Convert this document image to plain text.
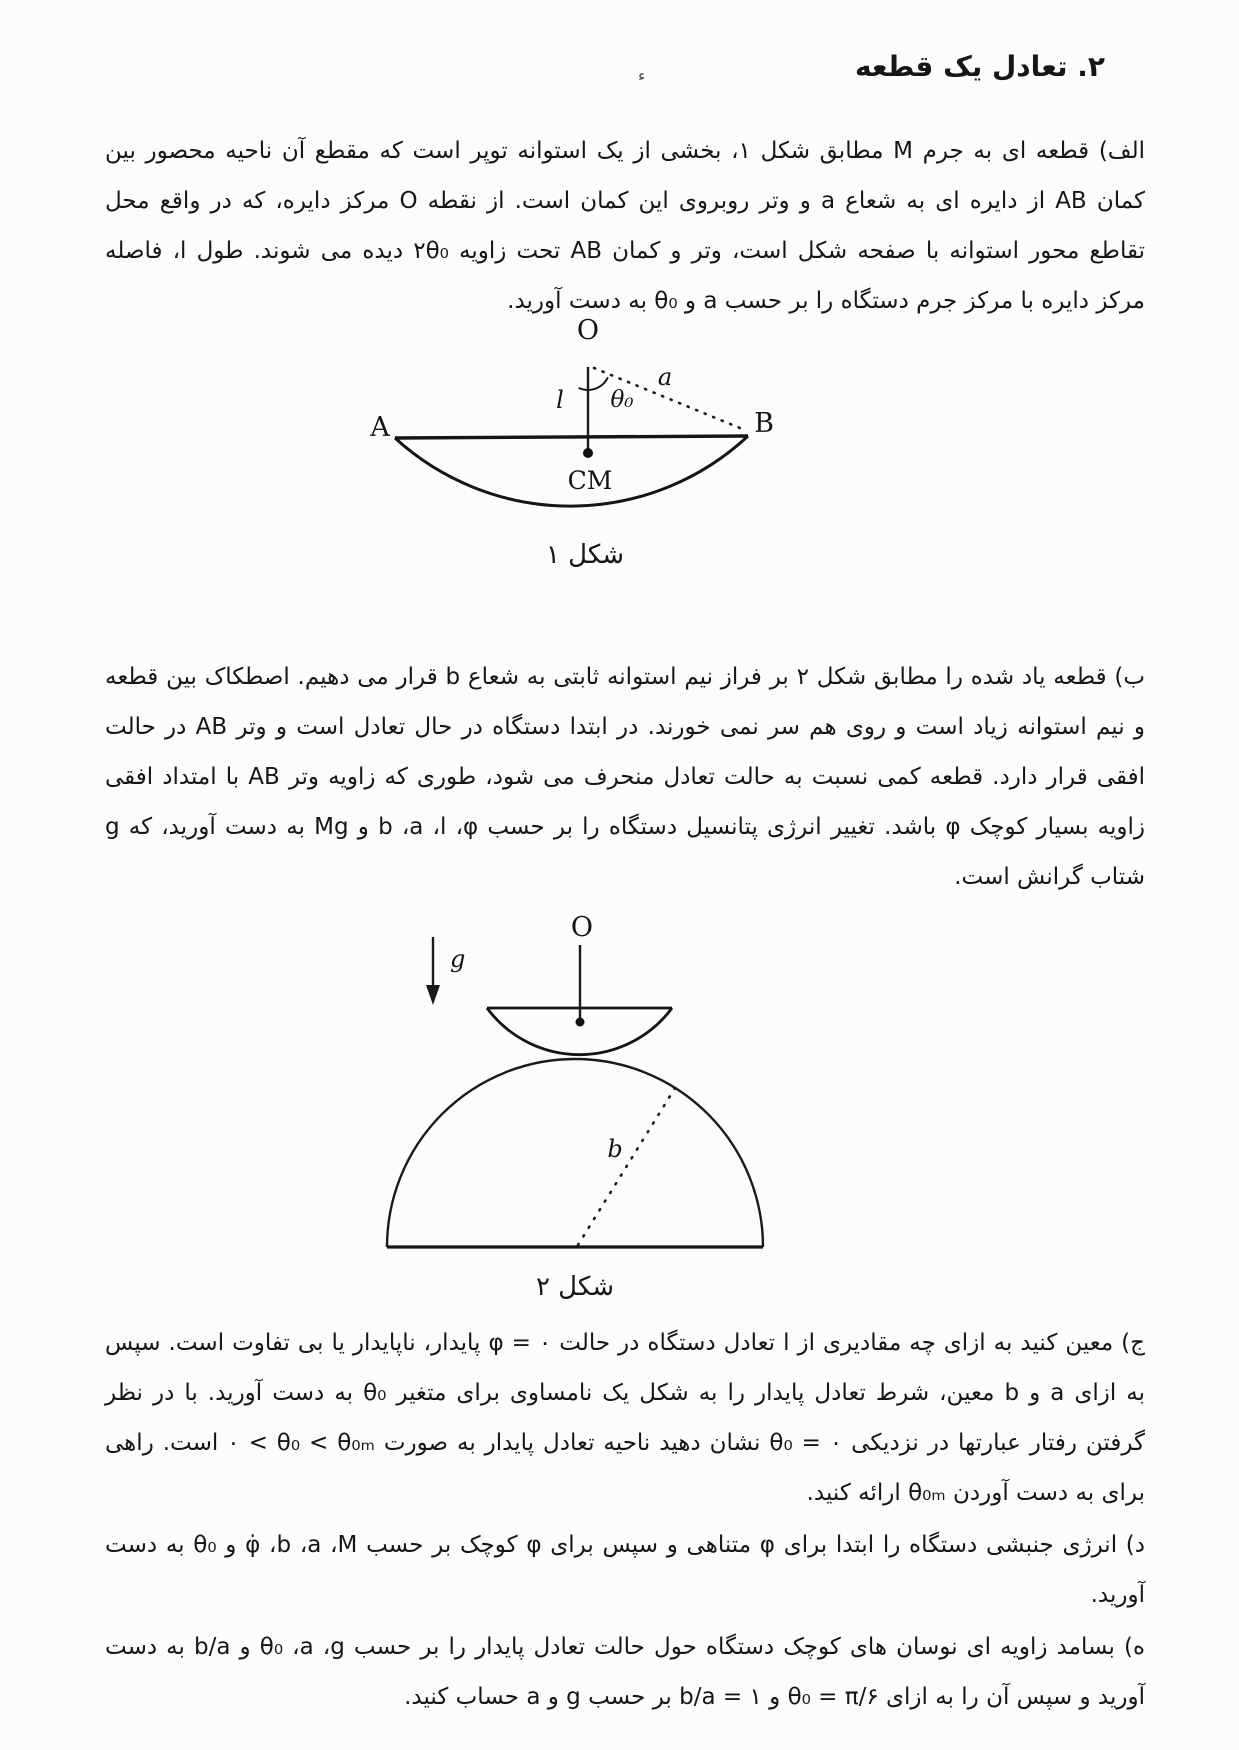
ء	۲. تعادل یک قطعه
الف) قطعه ای به جرم M مطابق شکل ۱، بخشی از یک استوانه توپر است که مقطع آن ناحیه محصور بین کمان AB از دایره ای به شعاع a و وتر روبروی این کمان است. از نقطه O مرکز دایره، که در واقع محل تقاطع محور استوانه با صفحه شکل است، وتر و کمان AB تحت زاویه ⁦۲θ₀⁩ دیده می شوند. طول l، فاصله مرکز دایره با مرکز جرم دستگاه را بر حسب a و θ₀ به دست آورید.
O
θ₀
l
a
A	B
CM
شکل ۱
ب) قطعه یاد شده را مطابق شکل ۲ بر فراز نیم استوانه ثابتی به شعاع b قرار می دهیم. اصطکاک بین قطعه و نیم استوانه زیاد است و روی هم سر نمی خورند. در ابتدا دستگاه در حال تعادل است و وتر AB در حالت افقی قرار دارد. قطعه کمی نسبت به حالت تعادل منحرف می شود، طوری که زاویه وتر AB با امتداد افقی زاویه بسیار کوچک φ باشد. تغییر انرژی پتانسیل دستگاه را بر حسب φ،‏ l،‏ a،‏ b و Mg به دست آورید، که g شتاب گرانش است.
g
O
b
شکل ۲
ج) معین کنید به ازای چه مقادیری از l تعادل دستگاه در حالت ⁦φ = ۰⁩ پایدار، ناپایدار یا بی تفاوت است. سپس به ازای a و b معین، شرط تعادل پایدار را به شکل یک نامساوی برای متغیر θ₀ به دست آورید. با در نظر گرفتن رفتار عبارتها در نزدیکی ⁦θ₀ = ۰⁩ نشان دهید ناحیه تعادل پایدار به صورت ⁦۰ < θ₀ < θ₀ₘ⁩ است. راهی برای به دست آوردن θ₀ₘ ارائه کنید.
د) انرژی جنبشی دستگاه را ابتدا برای φ متناهی و سپس برای φ کوچک بر حسب M،‏ a،‏ b،‏ φ̇ و θ₀ به دست آورید.
ه) بسامد زاویه ای نوسان های کوچک دستگاه حول حالت تعادل پایدار را بر حسب g،‏ a،‏ θ₀ و ⁦b/a⁩ به دست آورید و سپس آن را به ازای ⁦θ₀ = π/۶⁩ و ⁦b/a = ۱⁩ بر حسب g و a حساب کنید.
